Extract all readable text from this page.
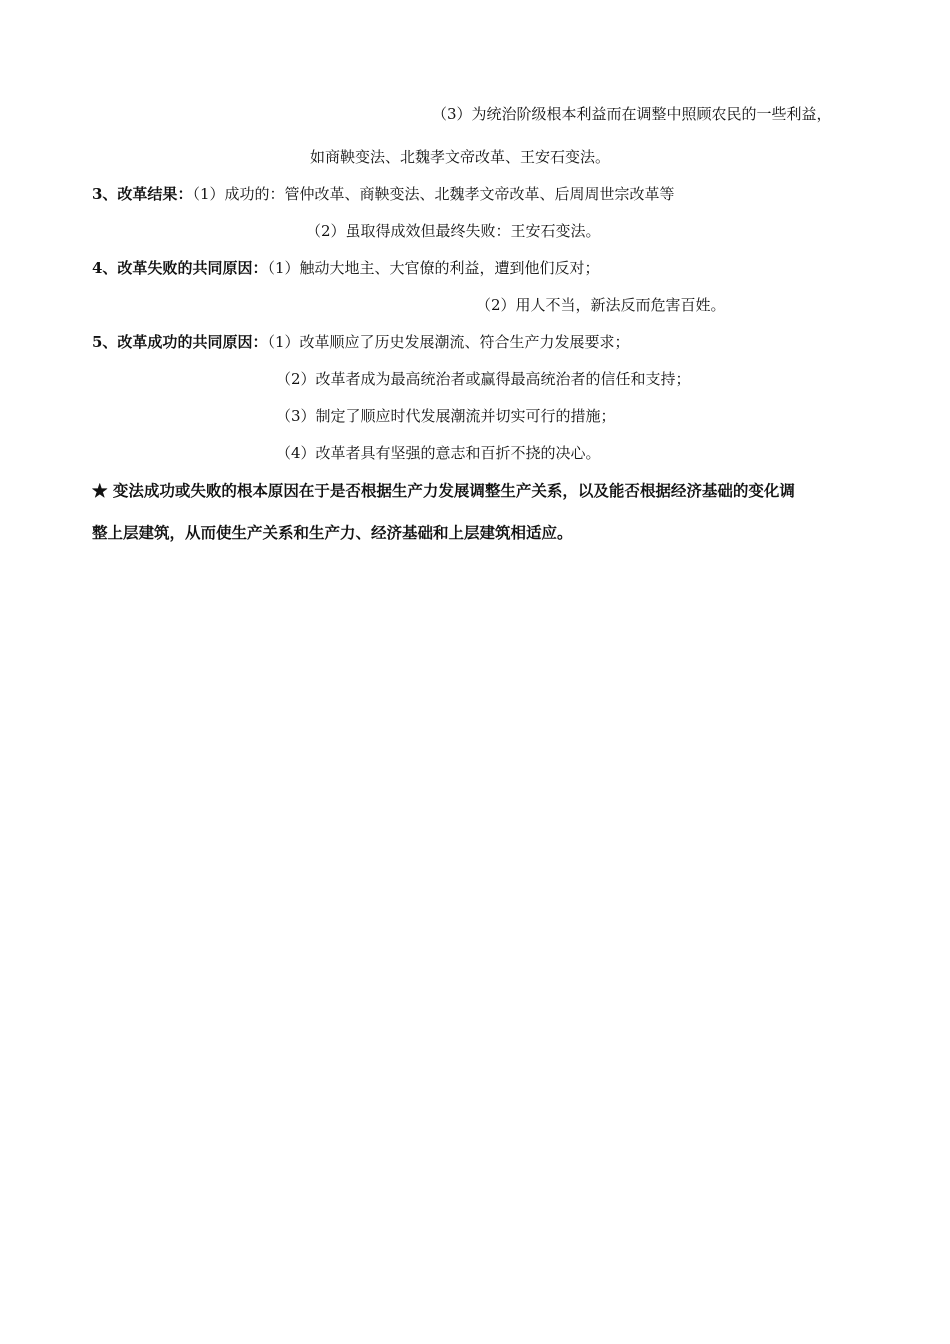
（3）为统治阶级根本利益而在调整中照顾农民的一些利益，
如商鞅变法、北魏孝文帝改革、王安石变法。
3、改革结果：（1）成功的：管仲改革、商鞅变法、北魏孝文帝改革、后周周世宗改革等
（2）虽取得成效但最终失败：王安石变法。
4、改革失败的共同原因：（1）触动大地主、大官僚的利益，遭到他们反对；
（2）用人不当，新法反而危害百姓。
5、改革成功的共同原因：（1）改革顺应了历史发展潮流、符合生产力发展要求；
（2）改革者成为最高统治者或赢得最高统治者的信任和支持；
（3）制定了顺应时代发展潮流并切实可行的措施；
（4）改革者具有坚强的意志和百折不挠的决心。
★ 变法成功或失败的根本原因在于是否根据生产力发展调整生产关系，以及能否根据经济基础的变化调
整上层建筑，从而使生产关系和生产力、经济基础和上层建筑相适应。
